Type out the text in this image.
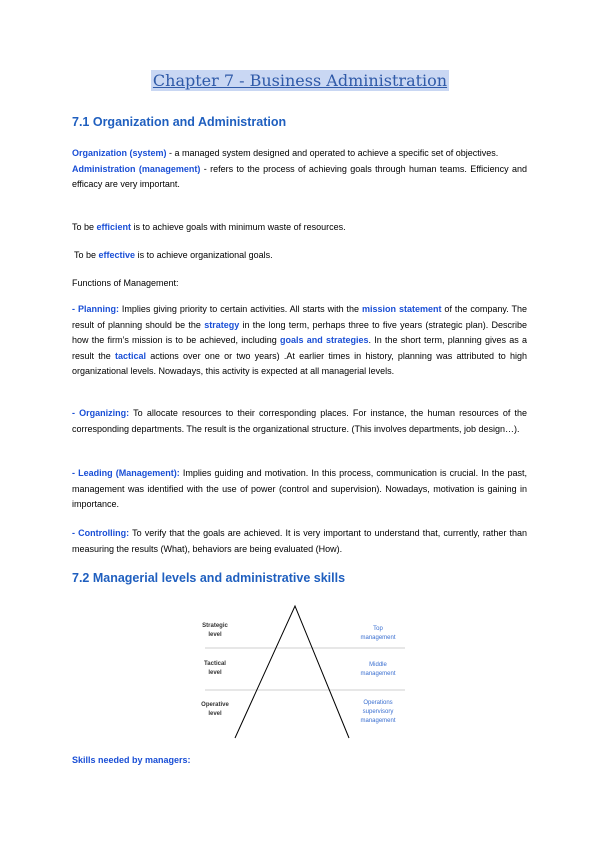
Chapter 7 - Business Administration
7.1 Organization and Administration

Organization (system) - a managed system designed and operated to achieve a specific set of objectives.
Administration (management) - refers to the process of achieving goals through human teams. Efficiency and efficacy are very important.

To be efficient is to achieve goals with minimum waste of resources.

To be effective is to achieve organizational goals.

Functions of Management:

- Planning: Implies giving priority to certain activities. All starts with the mission statement of the company. The result of planning should be the strategy in the long term, perhaps three to five years (strategic plan). Describe how the firm’s mission is to be achieved, including goals and strategies. In the short term, planning gives as a result the tactical actions over one or two years) .At earlier times in history, planning was attributed to high organizational levels. Nowadays, this activity is expected at all managerial levels.

- Organizing: To allocate resources to their corresponding places. For instance, the human resources of the corresponding departments. The result is the organizational structure. (This involves departments, job design…).

- Leading (Management): Implies guiding and motivation. In this process, communication is crucial. In the past, management was identified with the use of power (control and supervision). Nowadays, motivation is gaining in importance.

- Controlling: To verify that the goals are achieved. It is very important to understand that, currently, rather than measuring the results (What), behaviors are being evaluated (How).

7.2 Managerial levels and administrative skills
Strategic
level
Tactical
level
Operative
level
Top
management
Middle
management
Operations
supervisory
management
Skills needed by managers:
